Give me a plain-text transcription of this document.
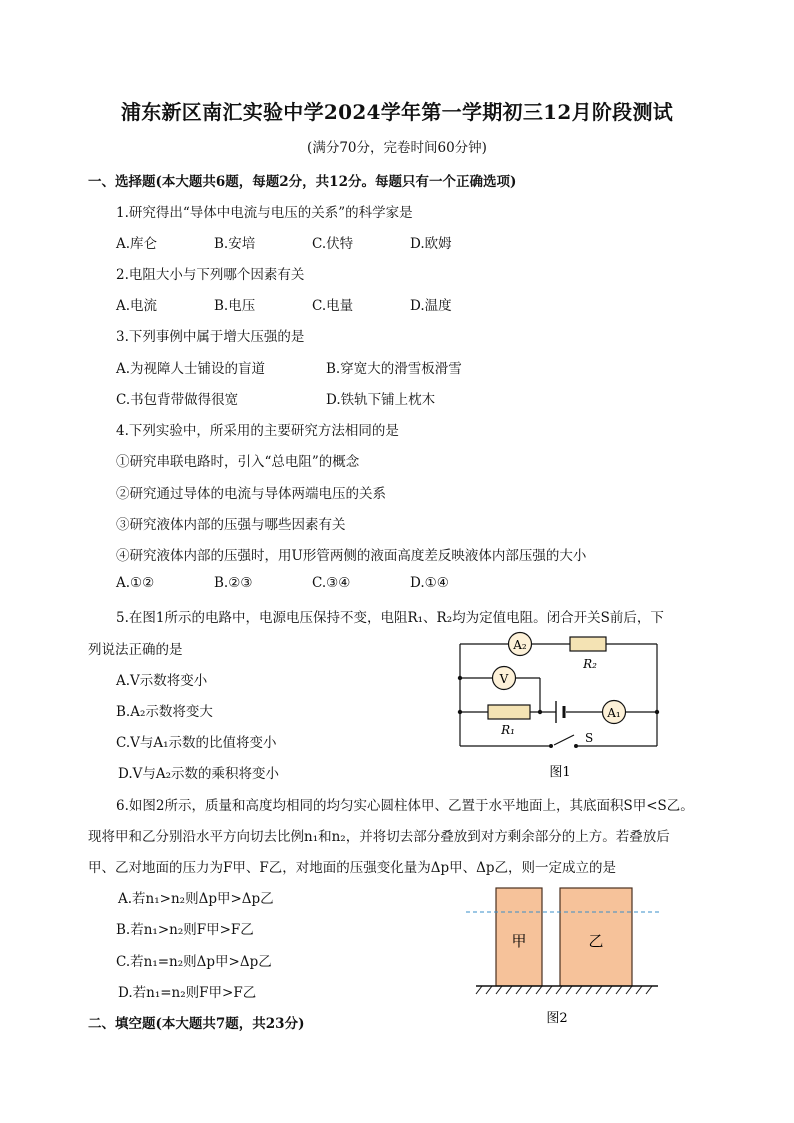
浦东新区南汇实验中学2024学年第一学期初三12月阶段测试
(满分70分，完卷时间60分钟)
一、选择题(本大题共6题，每题2分，共12分。每题只有一个正确选项)
1.研究得出“导体中电流与电压的关系”的科学家是
A.库仑	B.安培	C.伏特	D.欧姆
2.电阻大小与下列哪个因素有关
A.电流	B.电压	C.电量	D.温度
3.下列事例中属于增大压强的是
A.为视障人士铺设的盲道	B.穿宽大的滑雪板滑雪
C.书包背带做得很宽	D.铁轨下铺上枕木
4.下列实验中，所采用的主要研究方法相同的是
①研究串联电路时，引入“总电阻”的概念
②研究通过导体的电流与导体两端电压的关系
③研究液体内部的压强与哪些因素有关
④研究液体内部的压强时，用U形管两侧的液面高度差反映液体内部压强的大小
A.①②	B.②③	C.③④	D.①④
5.在图1所示的电路中，电源电压保持不变，电阻R₁、R₂均为定值电阻。闭合开关S前后，下
列说法正确的是
A.V示数将变小
B.A₂示数将变大
C.V与A₁示数的比值将变小
D.V与A₂示数的乘积将变小
A₂
V
A₁
R₂
R₁
S
图1
6.如图2所示，质量和高度均相同的均匀实心圆柱体甲、乙置于水平地面上，其底面积S甲<S乙。
现将甲和乙分别沿水平方向切去比例n₁和n₂，并将切去部分叠放到对方剩余部分的上方。若叠放后
甲、乙对地面的压力为F甲、F乙，对地面的压强变化量为Δp甲、Δp乙，则一定成立的是
A.若n₁>n₂则Δp甲>Δp乙
B.若n₁>n₂则F甲>F乙
C.若n₁=n₂则Δp甲>Δp乙
D.若n₁=n₂则F甲>F乙
甲	乙
图2
二、填空题(本大题共7题，共23分)
